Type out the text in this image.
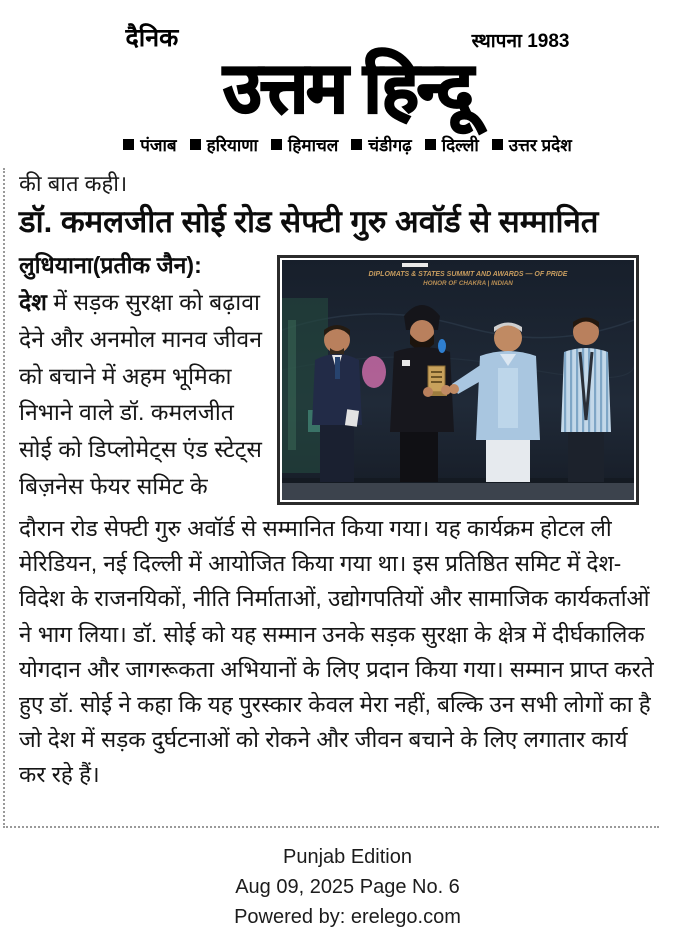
दैनिक	स्थापना 1983
उत्तम हिन्दू
पंजाब हरियाणा हिमाचल चंडीगढ़ दिल्ली उत्तर प्रदेश

की बात कही।

डॉ. कमलजीत सोई रोड सेफ्टी गुरु अवॉर्ड से सम्मानित

लुधियाना(प्रतीक जैन):
देश में सड़क सुरक्षा को बढ़ावा देने और अनमोल मानव जीवन को बचाने में अहम भूमिका निभाने वाले डॉ. कमलजीत सोई को डिप्लोमेट्स एंड स्टेट्स बिज़नेस फेयर समिट के

DIPLOMATS & STATES SUMMIT AND AWARDS — OF PRIDE
HONOR OF CHAKRA | INDIAN

दौरान रोड सेफ्टी गुरु अवॉर्ड से सम्मानित किया गया। यह कार्यक्रम होटल ली मेरिडियन, नई दिल्ली में आयोजित किया गया था। इस प्रतिष्ठित समिट में देश-विदेश के राजनयिकों, नीति निर्माताओं, उद्योगपतियों और सामाजिक कार्यकर्ताओं ने भाग लिया। डॉ. सोई को यह सम्मान उनके सड़क सुरक्षा के क्षेत्र में दीर्घकालिक योगदान और जागरूकता अभियानों के लिए प्रदान किया गया। सम्मान प्राप्त करते हुए डॉ. सोई ने कहा कि यह पुरस्कार केवल मेरा नहीं, बल्कि उन सभी लोगों का है जो देश में सड़क दुर्घटनाओं को रोकने और जीवन बचाने के लिए लगातार कार्य कर रहे हैं।

Punjab Edition
Aug 09, 2025 Page No. 6
Powered by: erelego.com
